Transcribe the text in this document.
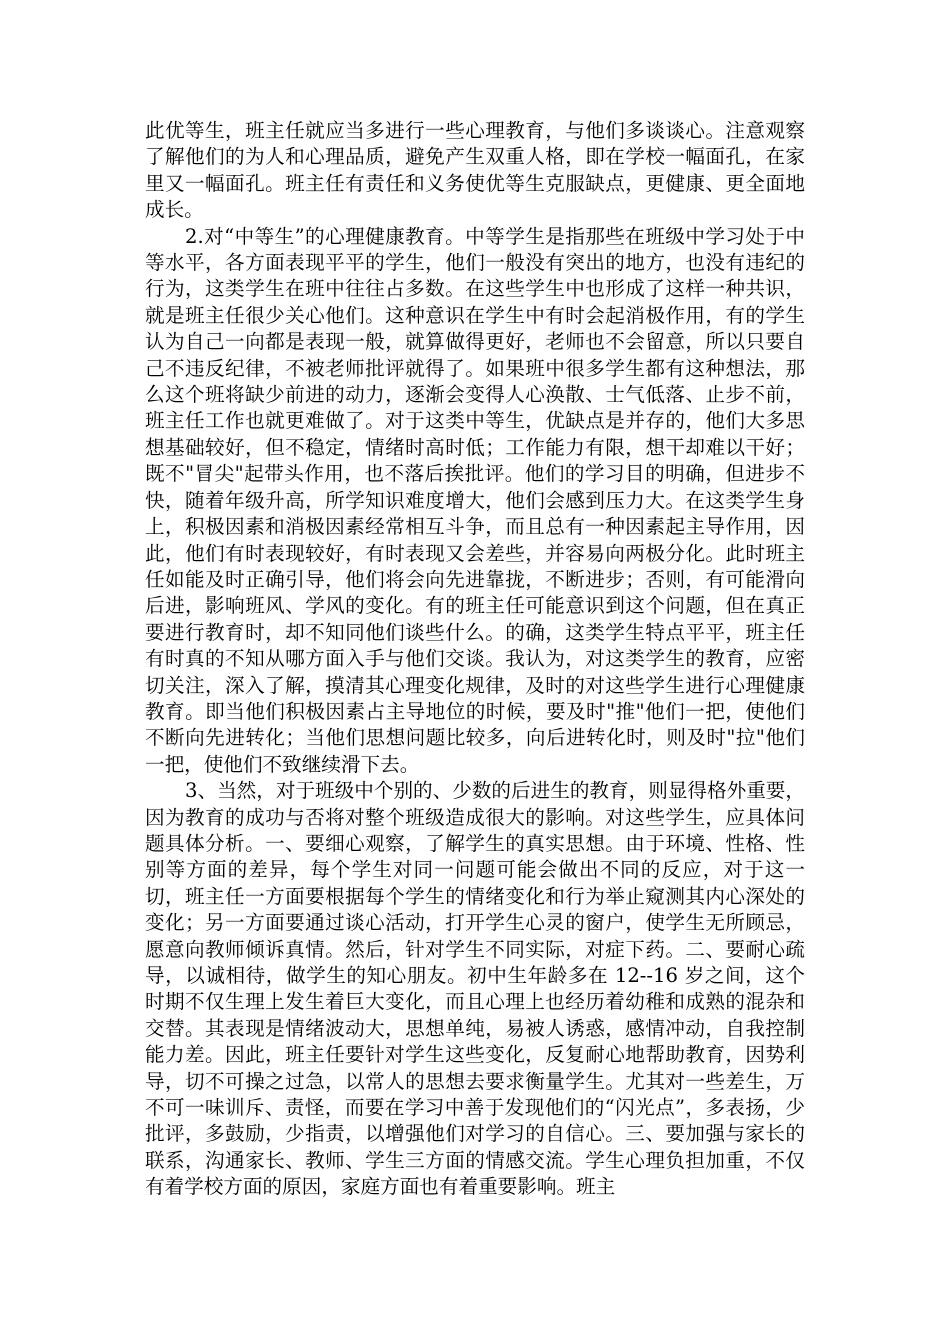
此优等生，班主任就应当多进行一些心理教育，与他们多谈谈心。注意观察了解他们的为人和心理品质，避免产生双重人格，即在学校一幅面孔，在家里又一幅面孔。班主任有责任和义务使优等生克服缺点，更健康、更全面地成长。

2.对“中等生”的心理健康教育。中等学生是指那些在班级中学习处于中等水平，各方面表现平平的学生，他们一般没有突出的地方，也没有违纪的行为，这类学生在班中往往占多数。在这些学生中也形成了这样一种共识，就是班主任很少关心他们。这种意识在学生中有时会起消极作用，有的学生认为自己一向都是表现一般，就算做得更好，老师也不会留意，所以只要自己不违反纪律，不被老师批评就得了。如果班中很多学生都有这种想法，那么这个班将缺少前进的动力，逐渐会变得人心涣散、士气低落、止步不前，班主任工作也就更难做了。对于这类中等生，优缺点是并存的，他们大多思想基础较好，但不稳定，情绪时高时低；工作能力有限，想干却难以干好；既不"冒尖"起带头作用，也不落后挨批评。他们的学习目的明确，但进步不快，随着年级升高，所学知识难度增大，他们会感到压力大。在这类学生身上，积极因素和消极因素经常相互斗争，而且总有一种因素起主导作用，因此，他们有时表现较好，有时表现又会差些，并容易向两极分化。此时班主任如能及时正确引导，他们将会向先进靠拢，不断进步；否则，有可能滑向后进，影响班风、学风的变化。有的班主任可能意识到这个问题，但在真正要进行教育时，却不知同他们谈些什么。的确，这类学生特点平平，班主任有时真的不知从哪方面入手与他们交谈。我认为，对这类学生的教育，应密切关注，深入了解，摸清其心理变化规律，及时的对这些学生进行心理健康教育。即当他们积极因素占主导地位的时候，要及时"推"他们一把，使他们不断向先进转化；当他们思想问题比较多，向后进转化时，则及时"拉"他们一把，使他们不致继续滑下去。

3、当然，对于班级中个别的、少数的后进生的教育，则显得格外重要，因为教育的成功与否将对整个班级造成很大的影响。对这些学生，应具体问题具体分析。一、要细心观察，了解学生的真实思想。由于环境、性格、性别等方面的差异，每个学生对同一问题可能会做出不同的反应，对于这一切，班主任一方面要根据每个学生的情绪变化和行为举止窥测其内心深处的变化；另一方面要通过谈心活动，打开学生心灵的窗户，使学生无所顾忌，愿意向教师倾诉真情。然后，针对学生不同实际，对症下药。二、要耐心疏导，以诚相待，做学生的知心朋友。初中生年龄多在 12--16 岁之间，这个时期不仅生理上发生着巨大变化，而且心理上也经历着幼稚和成熟的混杂和交替。其表现是情绪波动大，思想单纯，易被人诱惑，感情冲动，自我控制能力差。因此，班主任要针对学生这些变化，反复耐心地帮助教育，因势利导，切不可操之过急，以常人的思想去要求衡量学生。尤其对一些差生，万不可一味训斥、责怪，而要在学习中善于发现他们的“闪光点”，多表扬，少批评，多鼓励，少指责，以增强他们对学习的自信心。三、要加强与家长的联系，沟通家长、教师、学生三方面的情感交流。学生心理负担加重，不仅有着学校方面的原因，家庭方面也有着重要影响。班主
